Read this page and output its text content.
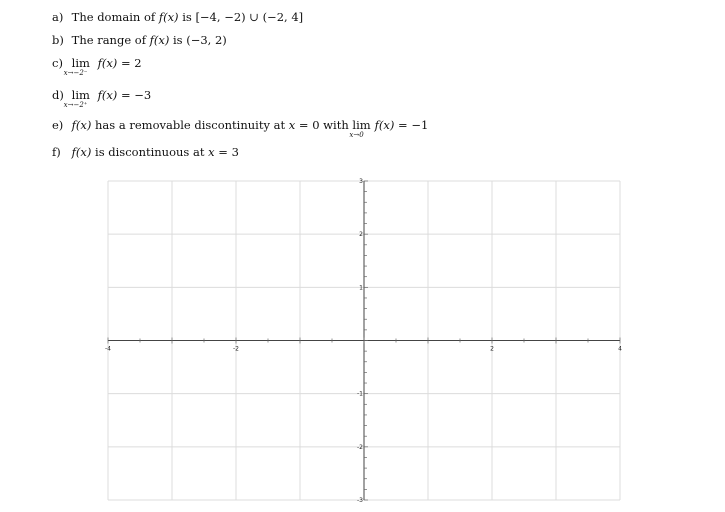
a) The domain of f(x) is [−4, −2) ∪ (−2, 4]
b) The range of f(x) is (−3, 2)
c) lim
x→−2⁻
f(x) = 2
d) lim
x→−2⁺
f(x) = −3
e) f(x) has a removable discontinuity at x = 0 with lim
x→0
f(x) = −1
f) f(x) is discontinuous at x = 3
-4	-2	2	4
3
2
1
-1
-2
-3
